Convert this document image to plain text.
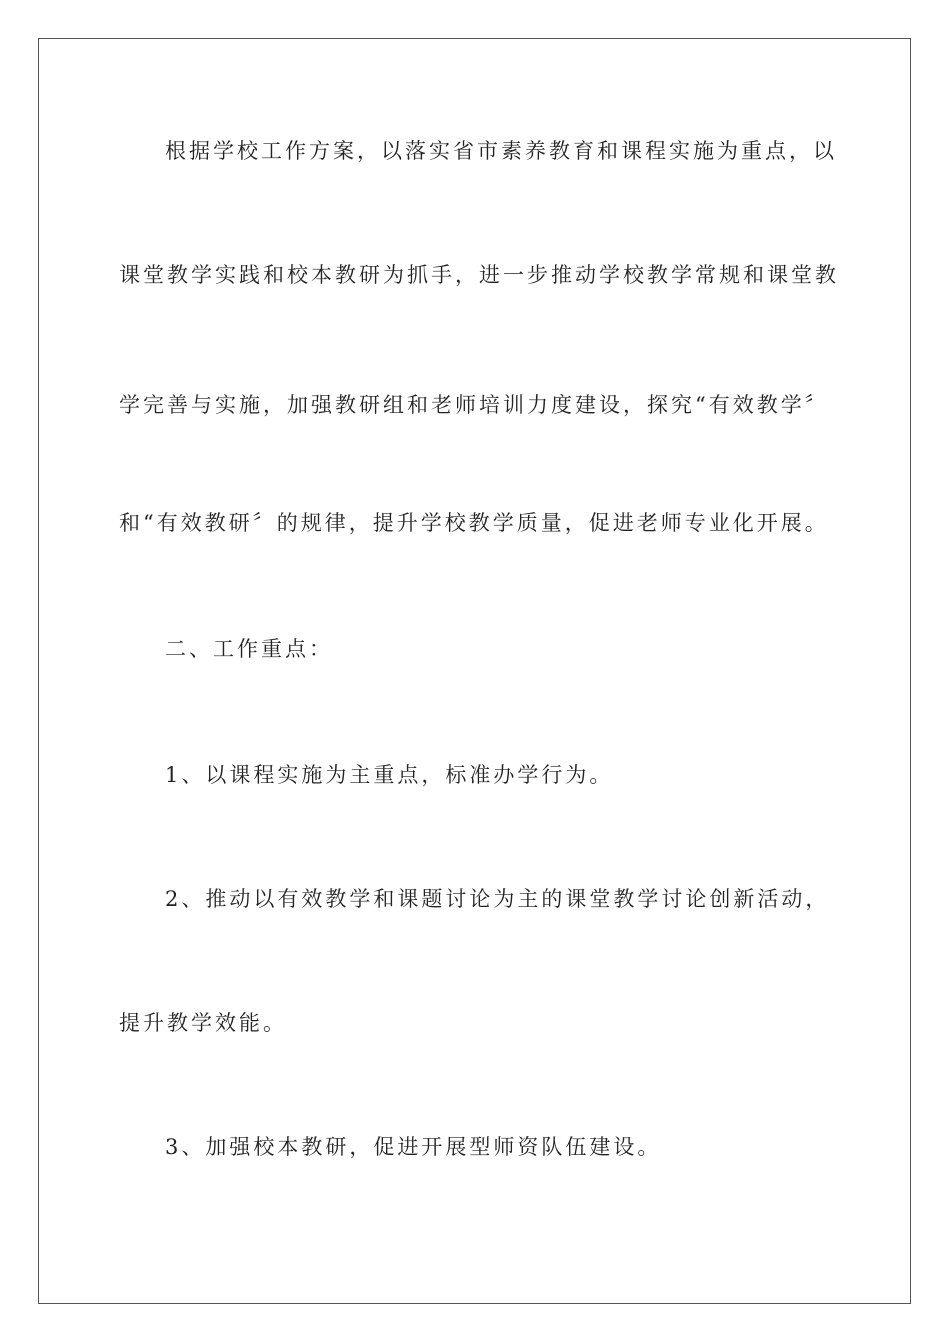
根据学校工作方案，以落实省市素养教育和课程实施为重点，以
课堂教学实践和校本教研为抓手，进一步推动学校教学常规和课堂教
学完善与实施，加强教研组和老师培训力度建设，探究“有效教学〞
和“有效教研〞的规律，提升学校教学质量，促进老师专业化开展。
二、工作重点：
1、以课程实施为主重点，标准办学行为。
2、推动以有效教学和课题讨论为主的课堂教学讨论创新活动，
提升教学效能。
3、加强校本教研，促进开展型师资队伍建设。
